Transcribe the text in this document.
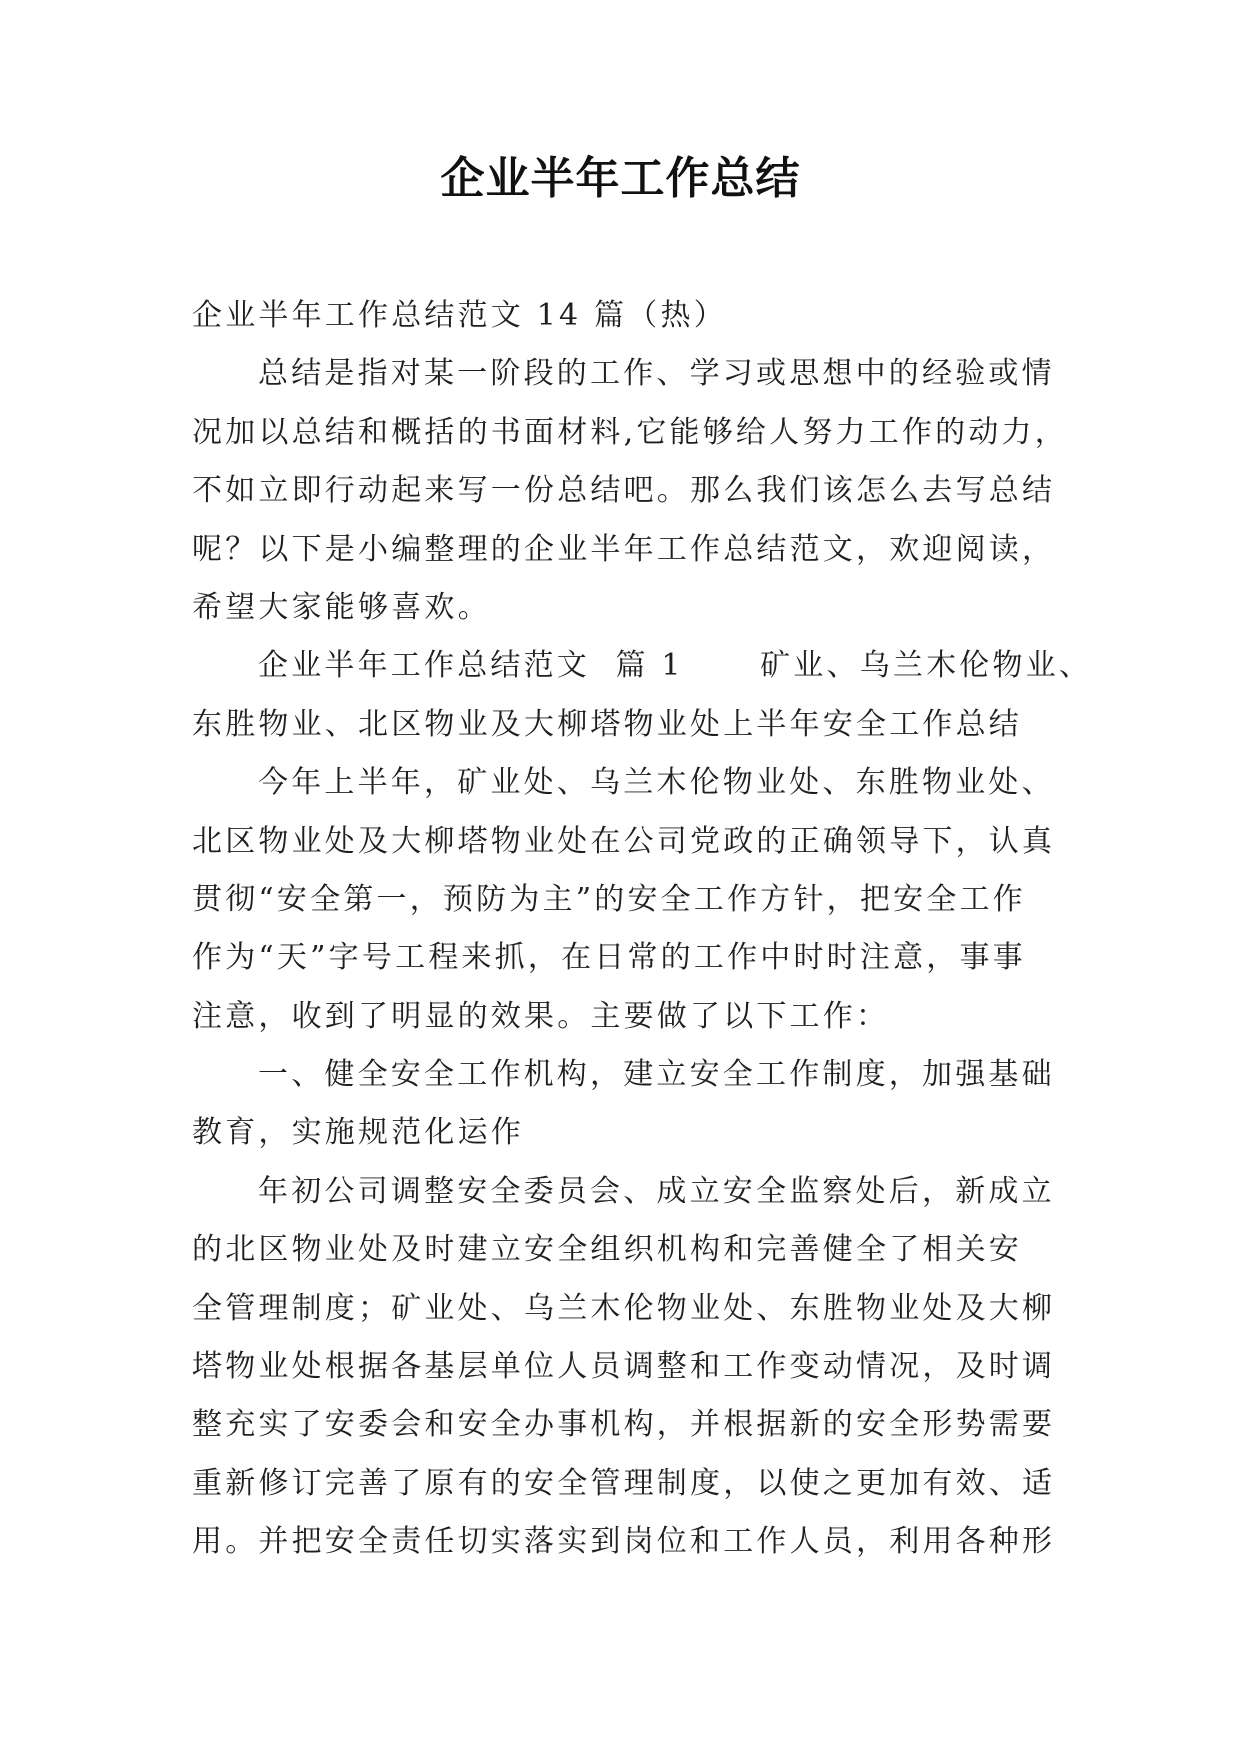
企业半年工作总结
企业半年工作总结范文 14 篇（热）
总结是指对某一阶段的工作、学习或思想中的经验或情
况加以总结和概括的书面材料,它能够给人努力工作的动力，
不如立即行动起来写一份总结吧。那么我们该怎么去写总结
呢？以下是小编整理的企业半年工作总结范文，欢迎阅读，
希望大家能够喜欢。
企业半年工作总结范文  篇 1      矿业、乌兰木伦物业、
东胜物业、北区物业及大柳塔物业处上半年安全工作总结
今年上半年，矿业处、乌兰木伦物业处、东胜物业处、
北区物业处及大柳塔物业处在公司党政的正确领导下，认真
贯彻“安全第一，预防为主”的安全工作方针，把安全工作
作为“天”字号工程来抓，在日常的工作中时时注意，事事
注意，收到了明显的效果。主要做了以下工作：
一、健全安全工作机构，建立安全工作制度，加强基础
教育，实施规范化运作
年初公司调整安全委员会、成立安全监察处后，新成立
的北区物业处及时建立安全组织机构和完善健全了相关安
全管理制度；矿业处、乌兰木伦物业处、东胜物业处及大柳
塔物业处根据各基层单位人员调整和工作变动情况，及时调
整充实了安委会和安全办事机构，并根据新的安全形势需要
重新修订完善了原有的安全管理制度，以使之更加有效、适
用。并把安全责任切实落实到岗位和工作人员，利用各种形
